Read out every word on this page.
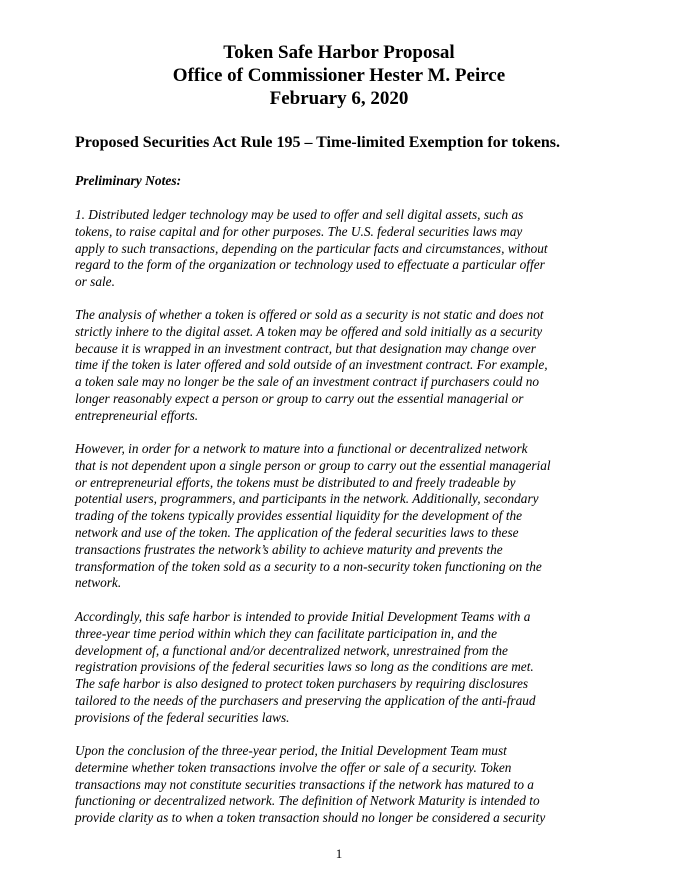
Token Safe Harbor Proposal
Office of Commissioner Hester M. Peirce
February 6, 2020
Proposed Securities Act Rule 195 – Time-limited Exemption for tokens.
Preliminary Notes:
1. Distributed ledger technology may be used to offer and sell digital assets, such as
tokens, to raise capital and for other purposes. The U.S. federal securities laws may
apply to such transactions, depending on the particular facts and circumstances, without
regard to the form of the organization or technology used to effectuate a particular offer
or sale.
The analysis of whether a token is offered or sold as a security is not static and does not
strictly inhere to the digital asset. A token may be offered and sold initially as a security
because it is wrapped in an investment contract, but that designation may change over
time if the token is later offered and sold outside of an investment contract. For example,
a token sale may no longer be the sale of an investment contract if purchasers could no
longer reasonably expect a person or group to carry out the essential managerial or
entrepreneurial efforts.
However, in order for a network to mature into a functional or decentralized network
that is not dependent upon a single person or group to carry out the essential managerial
or entrepreneurial efforts, the tokens must be distributed to and freely tradeable by
potential users, programmers, and participants in the network. Additionally, secondary
trading of the tokens typically provides essential liquidity for the development of the
network and use of the token. The application of the federal securities laws to these
transactions frustrates the network’s ability to achieve maturity and prevents the
transformation of the token sold as a security to a non-security token functioning on the
network.
Accordingly, this safe harbor is intended to provide Initial Development Teams with a
three-year time period within which they can facilitate participation in, and the
development of, a functional and/or decentralized network, unrestrained from the
registration provisions of the federal securities laws so long as the conditions are met.
The safe harbor is also designed to protect token purchasers by requiring disclosures
tailored to the needs of the purchasers and preserving the application of the anti-fraud
provisions of the federal securities laws.
Upon the conclusion of the three-year period, the Initial Development Team must
determine whether token transactions involve the offer or sale of a security. Token
transactions may not constitute securities transactions if the network has matured to a
functioning or decentralized network. The definition of Network Maturity is intended to
provide clarity as to when a token transaction should no longer be considered a security
1
